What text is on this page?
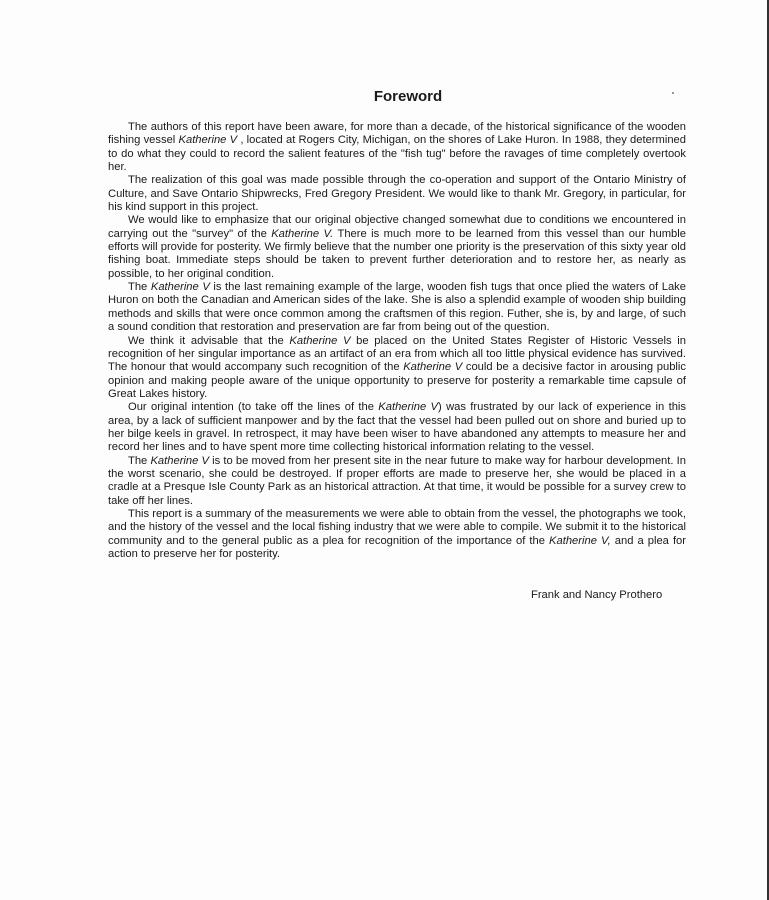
Foreword

The authors of this report have been aware, for more than a decade, of the historical significance of the wooden fishing vessel Katherine V , located at Rogers City, Michigan, on the shores of Lake Huron. In 1988, they determined to do what they could to record the salient features of the "fish tug" before the ravages of time completely overtook her.

The realization of this goal was made possible through the co-operation and support of the Ontario Ministry of Culture, and Save Ontario Shipwrecks, Fred Gregory President. We would like to thank Mr. Gregory, in particular, for his kind support in this project.

We would like to emphasize that our original objective changed somewhat due to conditions we encountered in carrying out the "survey" of the Katherine V. There is much more to be learned from this vessel than our humble efforts will provide for posterity. We firmly believe that the number one priority is the preservation of this sixty year old fishing boat. Immediate steps should be taken to prevent further deterioration and to restore her, as nearly as possible, to her original condition.

The Katherine V is the last remaining example of the large, wooden fish tugs that once plied the waters of Lake Huron on both the Canadian and American sides of the lake. She is also a splendid example of wooden ship building methods and skills that were once common among the craftsmen of this region. Futher, she is, by and large, of such a sound condition that restoration and preservation are far from being out of the question.

We think it advisable that the Katherine V be placed on the United States Register of Historic Vessels in recognition of her singular importance as an artifact of an era from which all too little physical evidence has survived. The honour that would accompany such recognition of the Katherine V could be a decisive factor in arousing public opinion and making people aware of the unique opportunity to preserve for posterity a remarkable time capsule of Great Lakes history.

Our original intention (to take off the lines of the Katherine V) was frustrated by our lack of experience in this area, by a lack of sufficient manpower and by the fact that the vessel had been pulled out on shore and buried up to her bilge keels in gravel. In retrospect, it may have been wiser to have abandoned any attempts to measure her and record her lines and to have spent more time collecting historical information relating to the vessel.

The Katherine V is to be moved from her present site in the near future to make way for harbour development. In the worst scenario, she could be destroyed. If proper efforts are made to preserve her, she would be placed in a cradle at a Presque Isle County Park as an historical attraction. At that time, it would be possible for a survey crew to take off her lines.

This report is a summary of the measurements we were able to obtain from the vessel, the photographs we took, and the history of the vessel and the local fishing industry that we were able to compile. We submit it to the historical community and to the general public as a plea for recognition of the importance of the Katherine V, and a plea for action to preserve her for posterity.

Frank and Nancy Prothero
